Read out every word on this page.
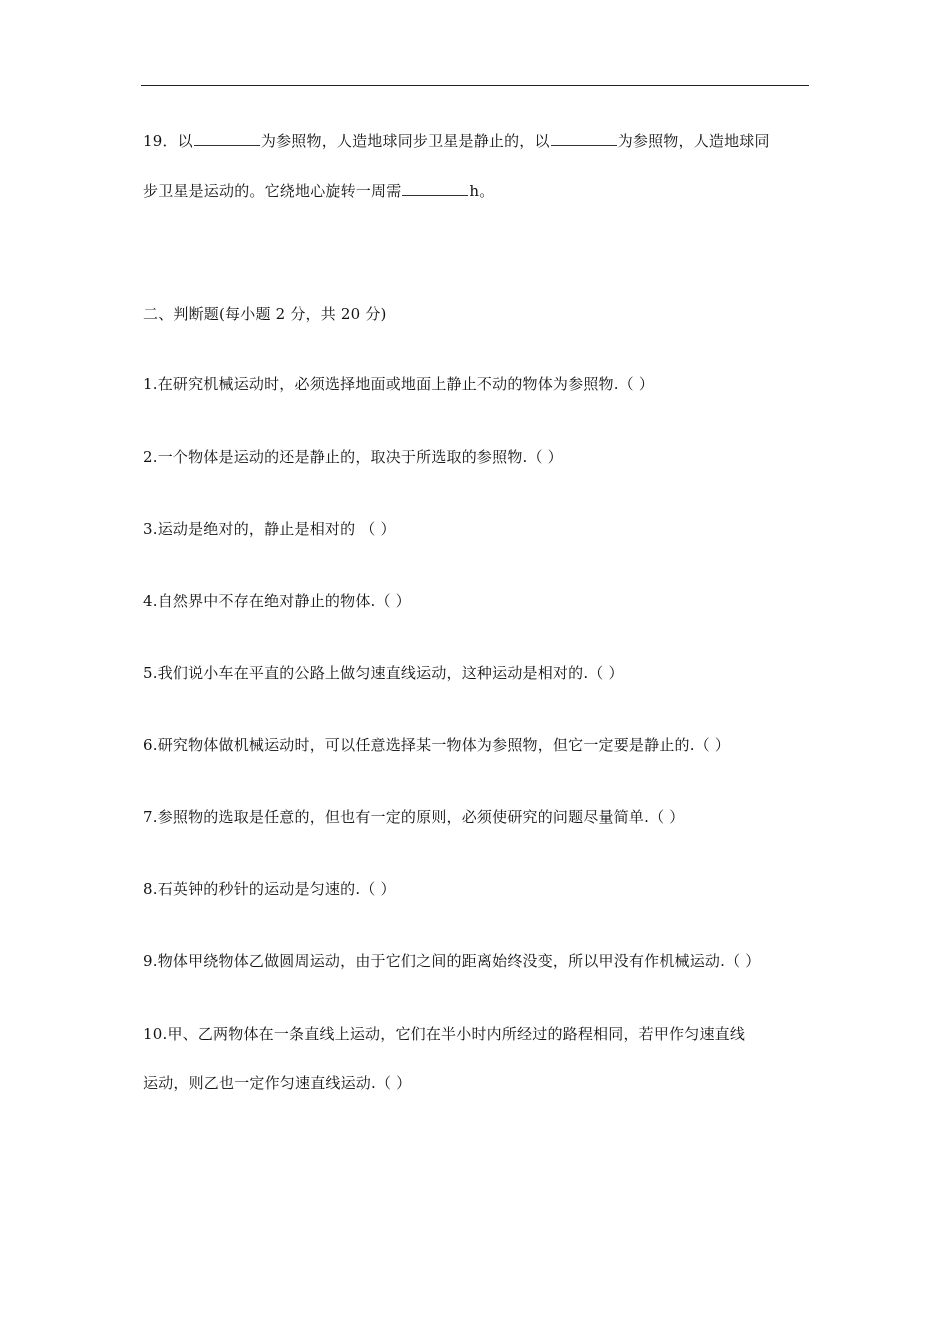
19．以	为参照物，人造地球同步卫星是静止的，以	为参照物，人造地球同
步卫星是运动的。它绕地心旋转一周需	h。
二、判断题(每小题 2 分，共 20 分)
1.在研究机械运动时，必须选择地面或地面上静止不动的物体为参照物.（ ）
2.一个物体是运动的还是静止的，取决于所选取的参照物.（ ）
3.运动是绝对的，静止是相对的 （ ）
4.自然界中不存在绝对静止的物体.（ ）
5.我们说小车在平直的公路上做匀速直线运动，这种运动是相对的.（ ）
6.研究物体做机械运动时，可以任意选择某一物体为参照物，但它一定要是静止的.（ ）
7.参照物的选取是任意的，但也有一定的原则，必须使研究的问题尽量简单.（ ）
8.石英钟的秒针的运动是匀速的.（ ）
9.物体甲绕物体乙做圆周运动，由于它们之间的距离始终没变，所以甲没有作机械运动.（ ）
10.甲、乙两物体在一条直线上运动，它们在半小时内所经过的路程相同，若甲作匀速直线
运动，则乙也一定作匀速直线运动.（ ）
